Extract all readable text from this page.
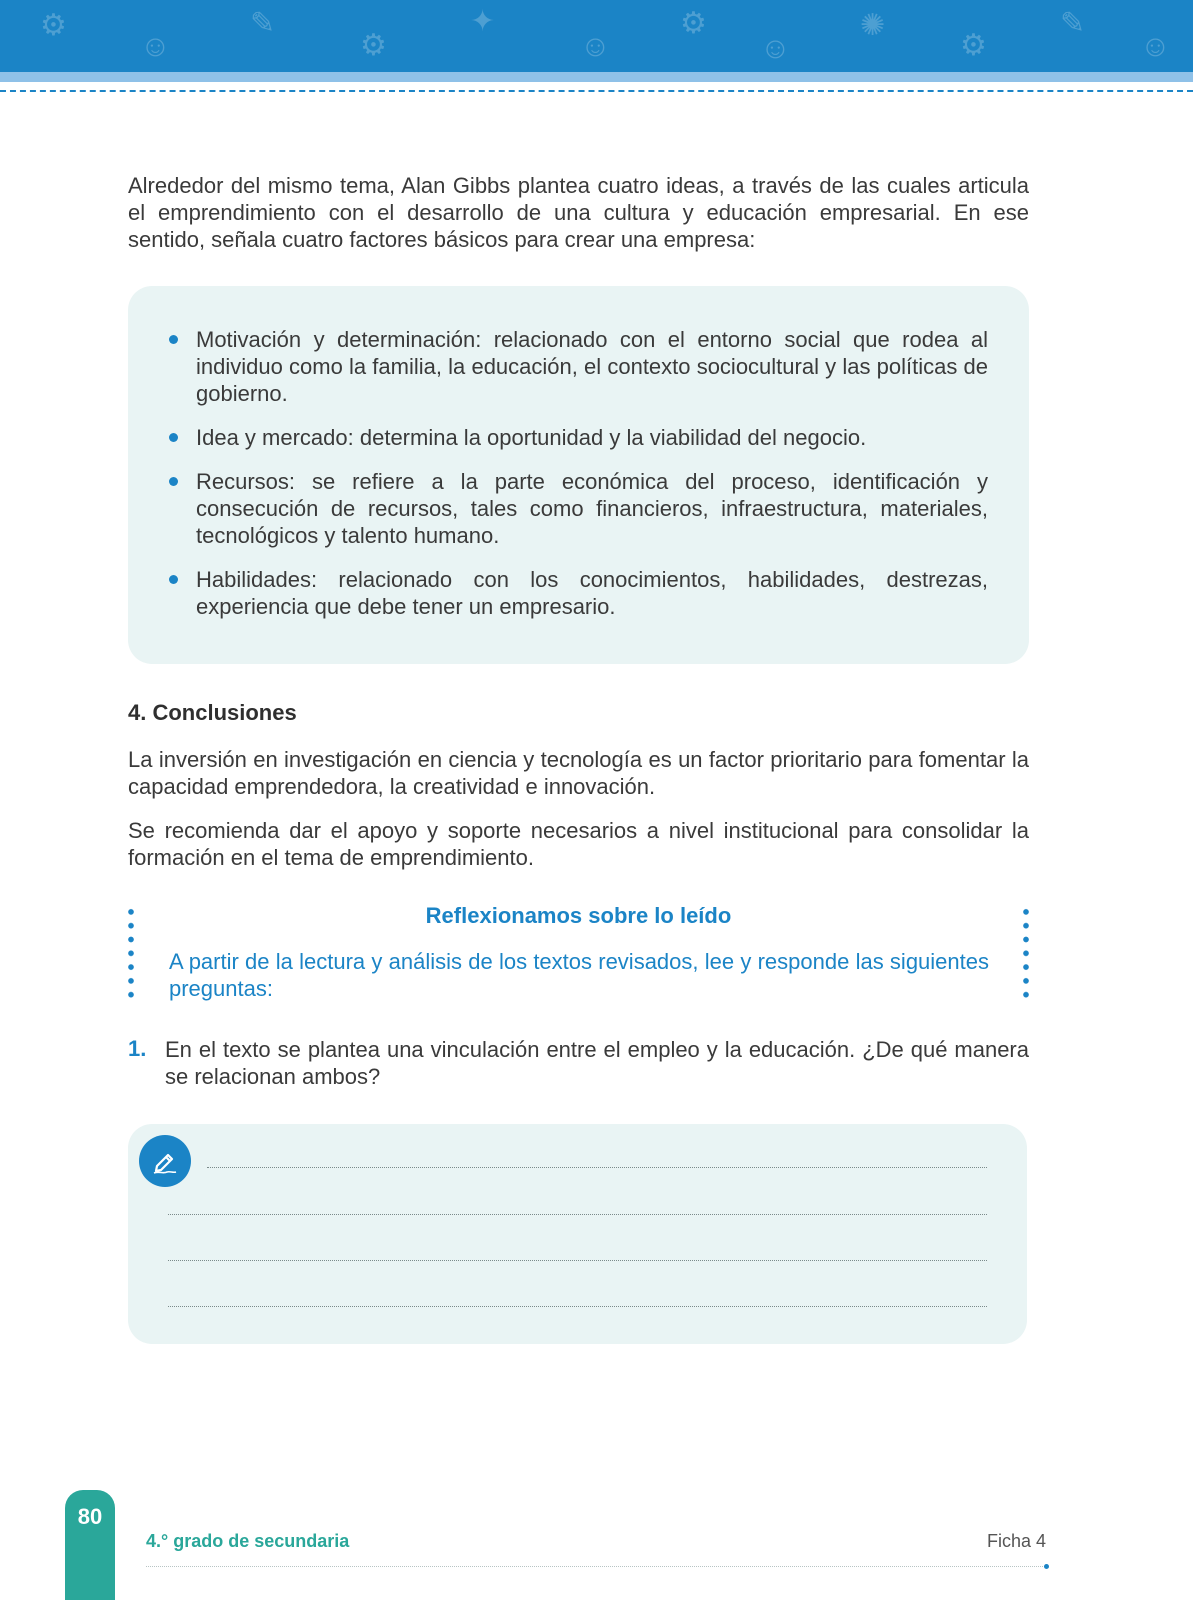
⚙
☺
✎
⚙
✦
☺
⚙
☺
✺
⚙
✎
☺

Alrededor del mismo tema, Alan Gibbs plantea cuatro ideas, a través de las cuales articula el emprendimiento con el desarrollo de una cultura y educación empresarial. En ese sentido, señala cuatro factores básicos para crear una empresa:

Motivación y determinación: relacionado con el entorno social que rodea al individuo como la familia, la educación, el contexto sociocultural y las políticas de gobierno.
Idea y mercado: determina la oportunidad y la viabilidad del negocio.
Recursos: se refiere a la parte económica del proceso, identificación y consecución de recursos, tales como financieros, infraestructura, materiales, tecnológicos y talento humano.
Habilidades: relacionado con los conocimientos, habilidades, destrezas, experiencia que debe tener un empresario.
4. Conclusiones

La inversión en investigación en ciencia y tecnología es un factor prioritario para fomentar la capacidad emprendedora, la creatividad e innovación.

Se recomienda dar el apoyo y soporte necesarios a nivel institucional para consolidar la formación en el tema de emprendimiento.

Reflexionamos sobre lo leído

A partir de la lectura y análisis de los textos revisados, lee y responde las siguientes preguntas:

1. En el texto se plantea una vinculación entre el empleo y la educación. ¿De qué manera se relacionan ambos?

80
4.° grado de secundaria	Ficha 4
